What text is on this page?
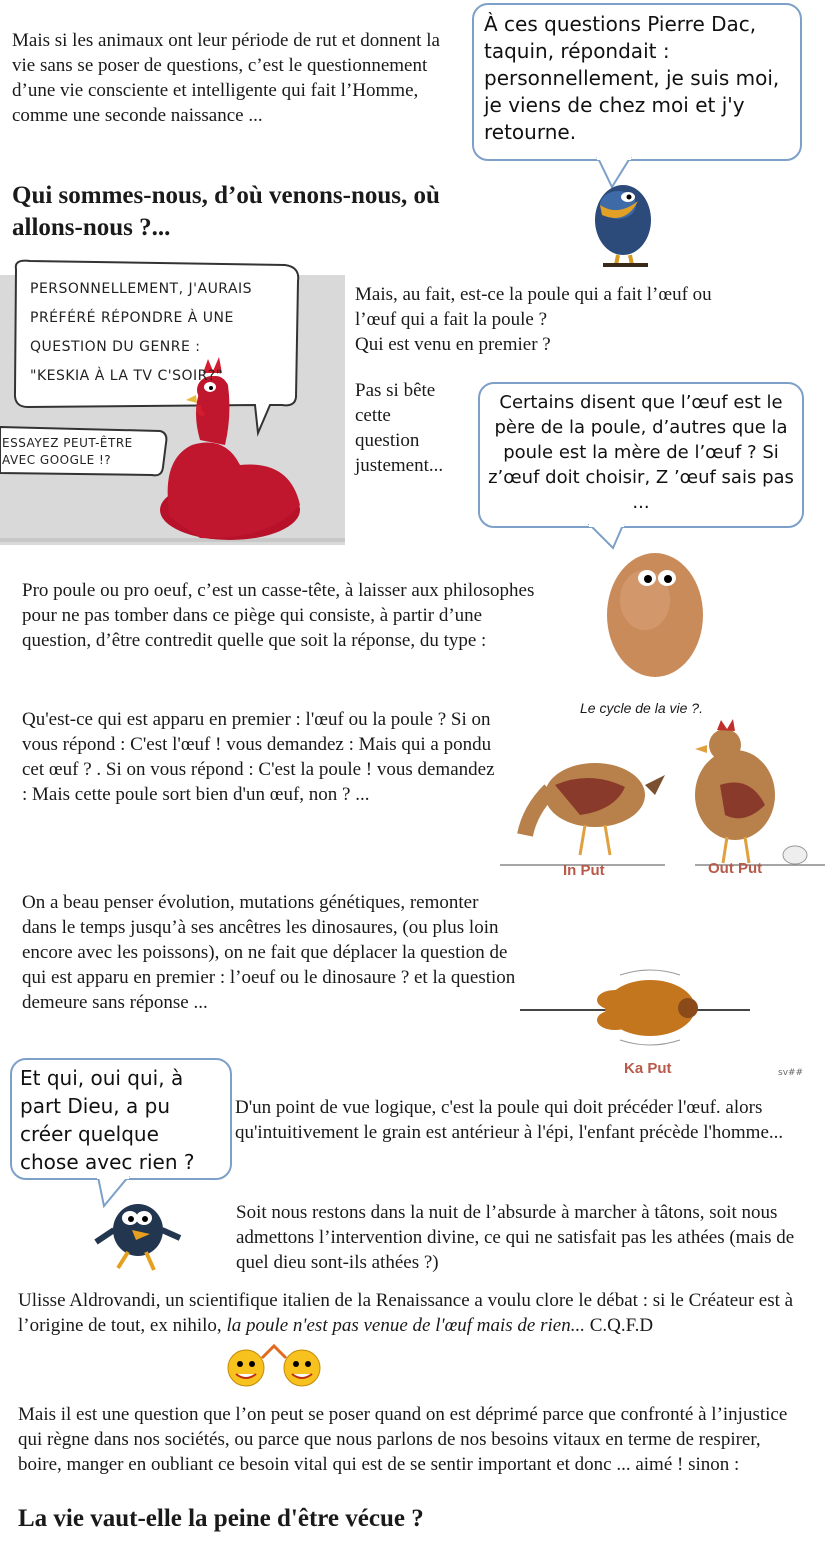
Mais si les animaux ont leur période de rut et donnent la vie sans se poser de questions, c’est le questionnement d’une vie consciente et intelligente qui fait l’Homme, comme une seconde naissance ...

À ces questions Pierre Dac, taquin, répondait : personnellement, je suis moi, je viens de chez moi et j'y retourne.
Qui sommes-nous, d’où venons-nous, où allons-nous ?...
PERSONNELLEMENT, J'AURAIS
PRÉFÉRÉ RÉPONDRE À UNE
QUESTION DU GENRE :
"KESKIA À LA TV C'SOIR?"
ESSAYEZ PEUT-ÊTRE
AVEC GOOGLE !?
Mais, au fait, est-ce la poule qui a fait l’œuf ou
l’œuf qui a fait la poule ?
Qui est venu en premier ?
Pas si bête
cette
question
justement...
Certains disent que l’œuf est le père de la poule, d’autres que la poule est la mère de l’œuf ? Si z’œuf doit choisir, Z ’œuf sais pas ...

Pro poule ou pro oeuf, c’est un casse-tête, à laisser aux philosophes pour ne pas tomber dans ce piège qui consiste, à partir d’une question, d’être contredit quelle que soit la réponse, du type :

Le cycle de la vie ?.

Qu'est-ce qui est apparu en premier : l'œuf ou la poule ? Si on vous répond : C'est l'œuf ! vous demandez : Mais qui a pondu cet œuf ? . Si on vous répond : C'est la poule ! vous demandez : Mais cette poule sort bien d'un œuf, non ? ...

In Put	Out Put

On a beau penser évolution, mutations génétiques, remonter dans le temps jusqu’à ses ancêtres les dinosaures, (ou plus loin encore avec les poissons), on ne fait que déplacer la question de qui est apparu en premier : l’oeuf ou le dinosaure ? et la question demeure sans réponse ...

Ka Put	sv##
Et qui, oui qui, à part Dieu, a pu créer quelque chose avec rien ?

D'un point de vue logique, c'est la poule qui doit précéder l'œuf. alors qu'intuitivement le grain est antérieur à l'épi, l'enfant précède l'homme...

Soit nous restons dans la nuit de l’absurde à marcher à tâtons, soit nous admettons l’intervention divine, ce qui ne satisfait pas les athées (mais de quel dieu sont-ils athées ?)

Ulisse Aldrovandi, un scientifique italien de la Renaissance a voulu clore le débat : si le Créateur est à l’origine de tout, ex nihilo, la poule n'est pas venue de l'œuf mais de rien... C.Q.F.D

Mais il est une question que l’on peut se poser quand on est déprimé parce que confronté à l’injustice qui règne dans nos sociétés, ou parce que nous parlons de nos besoins vitaux en terme de respirer, boire, manger en oubliant ce besoin vital qui est de se sentir important et donc ... aimé ! sinon :

La vie vaut-elle la peine d'être vécue ?
